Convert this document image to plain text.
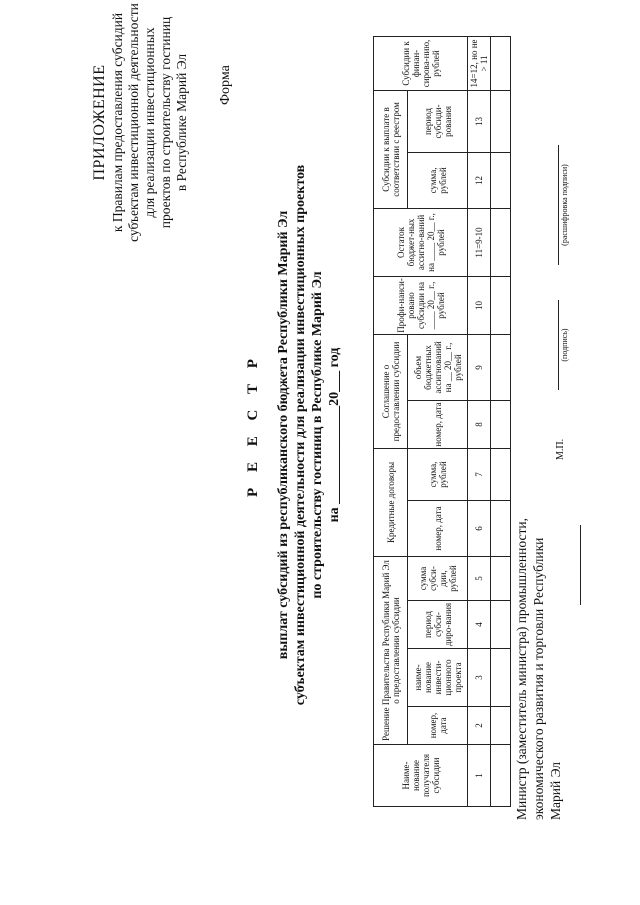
ПРИЛОЖЕНИЕ к Правилам предоставления субсидий субъектам инвестиционной деятельности для реализации инвестиционных проектов по строительству гостиниц в Республике Марий Эл Форма
Р Е Е С Т Р выплат субсидий из республиканского бюджета Республики Марий Эл субъектам инвестиционной деятельности для реализации инвестиционных проектов по строительству гостиниц в Республике Марий Эл на ______________20___ год
Наиме-нование получателя субсидии	Решение Правительства Республики Марий Эл о предоставлении субсидии				Кредитные договоры		Соглашение о предоставлении субсидии		Профи-нанси-ровано субсидии на ____ 20__ г., рублей	Остаток бюджет-ных ассигно-ваний на ____ 20__ г., рублей	Субсидии к выплате в соответствии с реестром		Субсидии к финан-сирова-нию, рублей
	номер, дата	наиме-нование инвести-ционного проекта	период субси-диро-вания	сумма субси-дии, рублей	номер, дата	сумма, рублей	номер, дата	объем бюджетных ассигнований на __ 20__ г., рублей			сумма, рублей	период субсиди-рования	
1	2	3	4	5	6	7	8	9	10	11=9-10	12	13	14=12, но не > 11

Министр (заместитель министра) промышленности, экономического развития и торговли Республики Марий Эл
М.П.
(подпись)
(расшифровка подписи)
